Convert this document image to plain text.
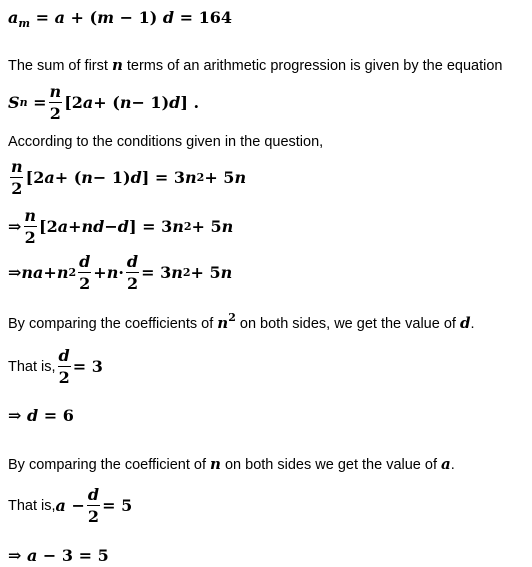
$a_m = a + (m - 1) d = 164$
The sum of first n terms of an arithmetic progression is given by the equation
S $n = \frac{n}{2} [2$ a + ( n − 1) d ] .
According to the conditions given in the question,
$\frac{n}{2} [2$ a + ( n − 1) d ] = 3 n 2 + 5 n
⇒ $\frac{n}{2} [2$ a + nd − d ] = 3 n 2 + 5 n
⇒ na + n $2 \frac{d}{2} + n \cdot \frac{d}{2} = 3$ n 2 + 5 n
By comparing the coefficients of $n^2$ on both sides, we get the value of d.
That is, $\frac{d}{2} = 3$
⇒ d = 6
By comparing the coefficient of n on both sides we get the value of a.
That is, $a - \frac{d}{2} = 5$
⇒ a − 3 = 5
